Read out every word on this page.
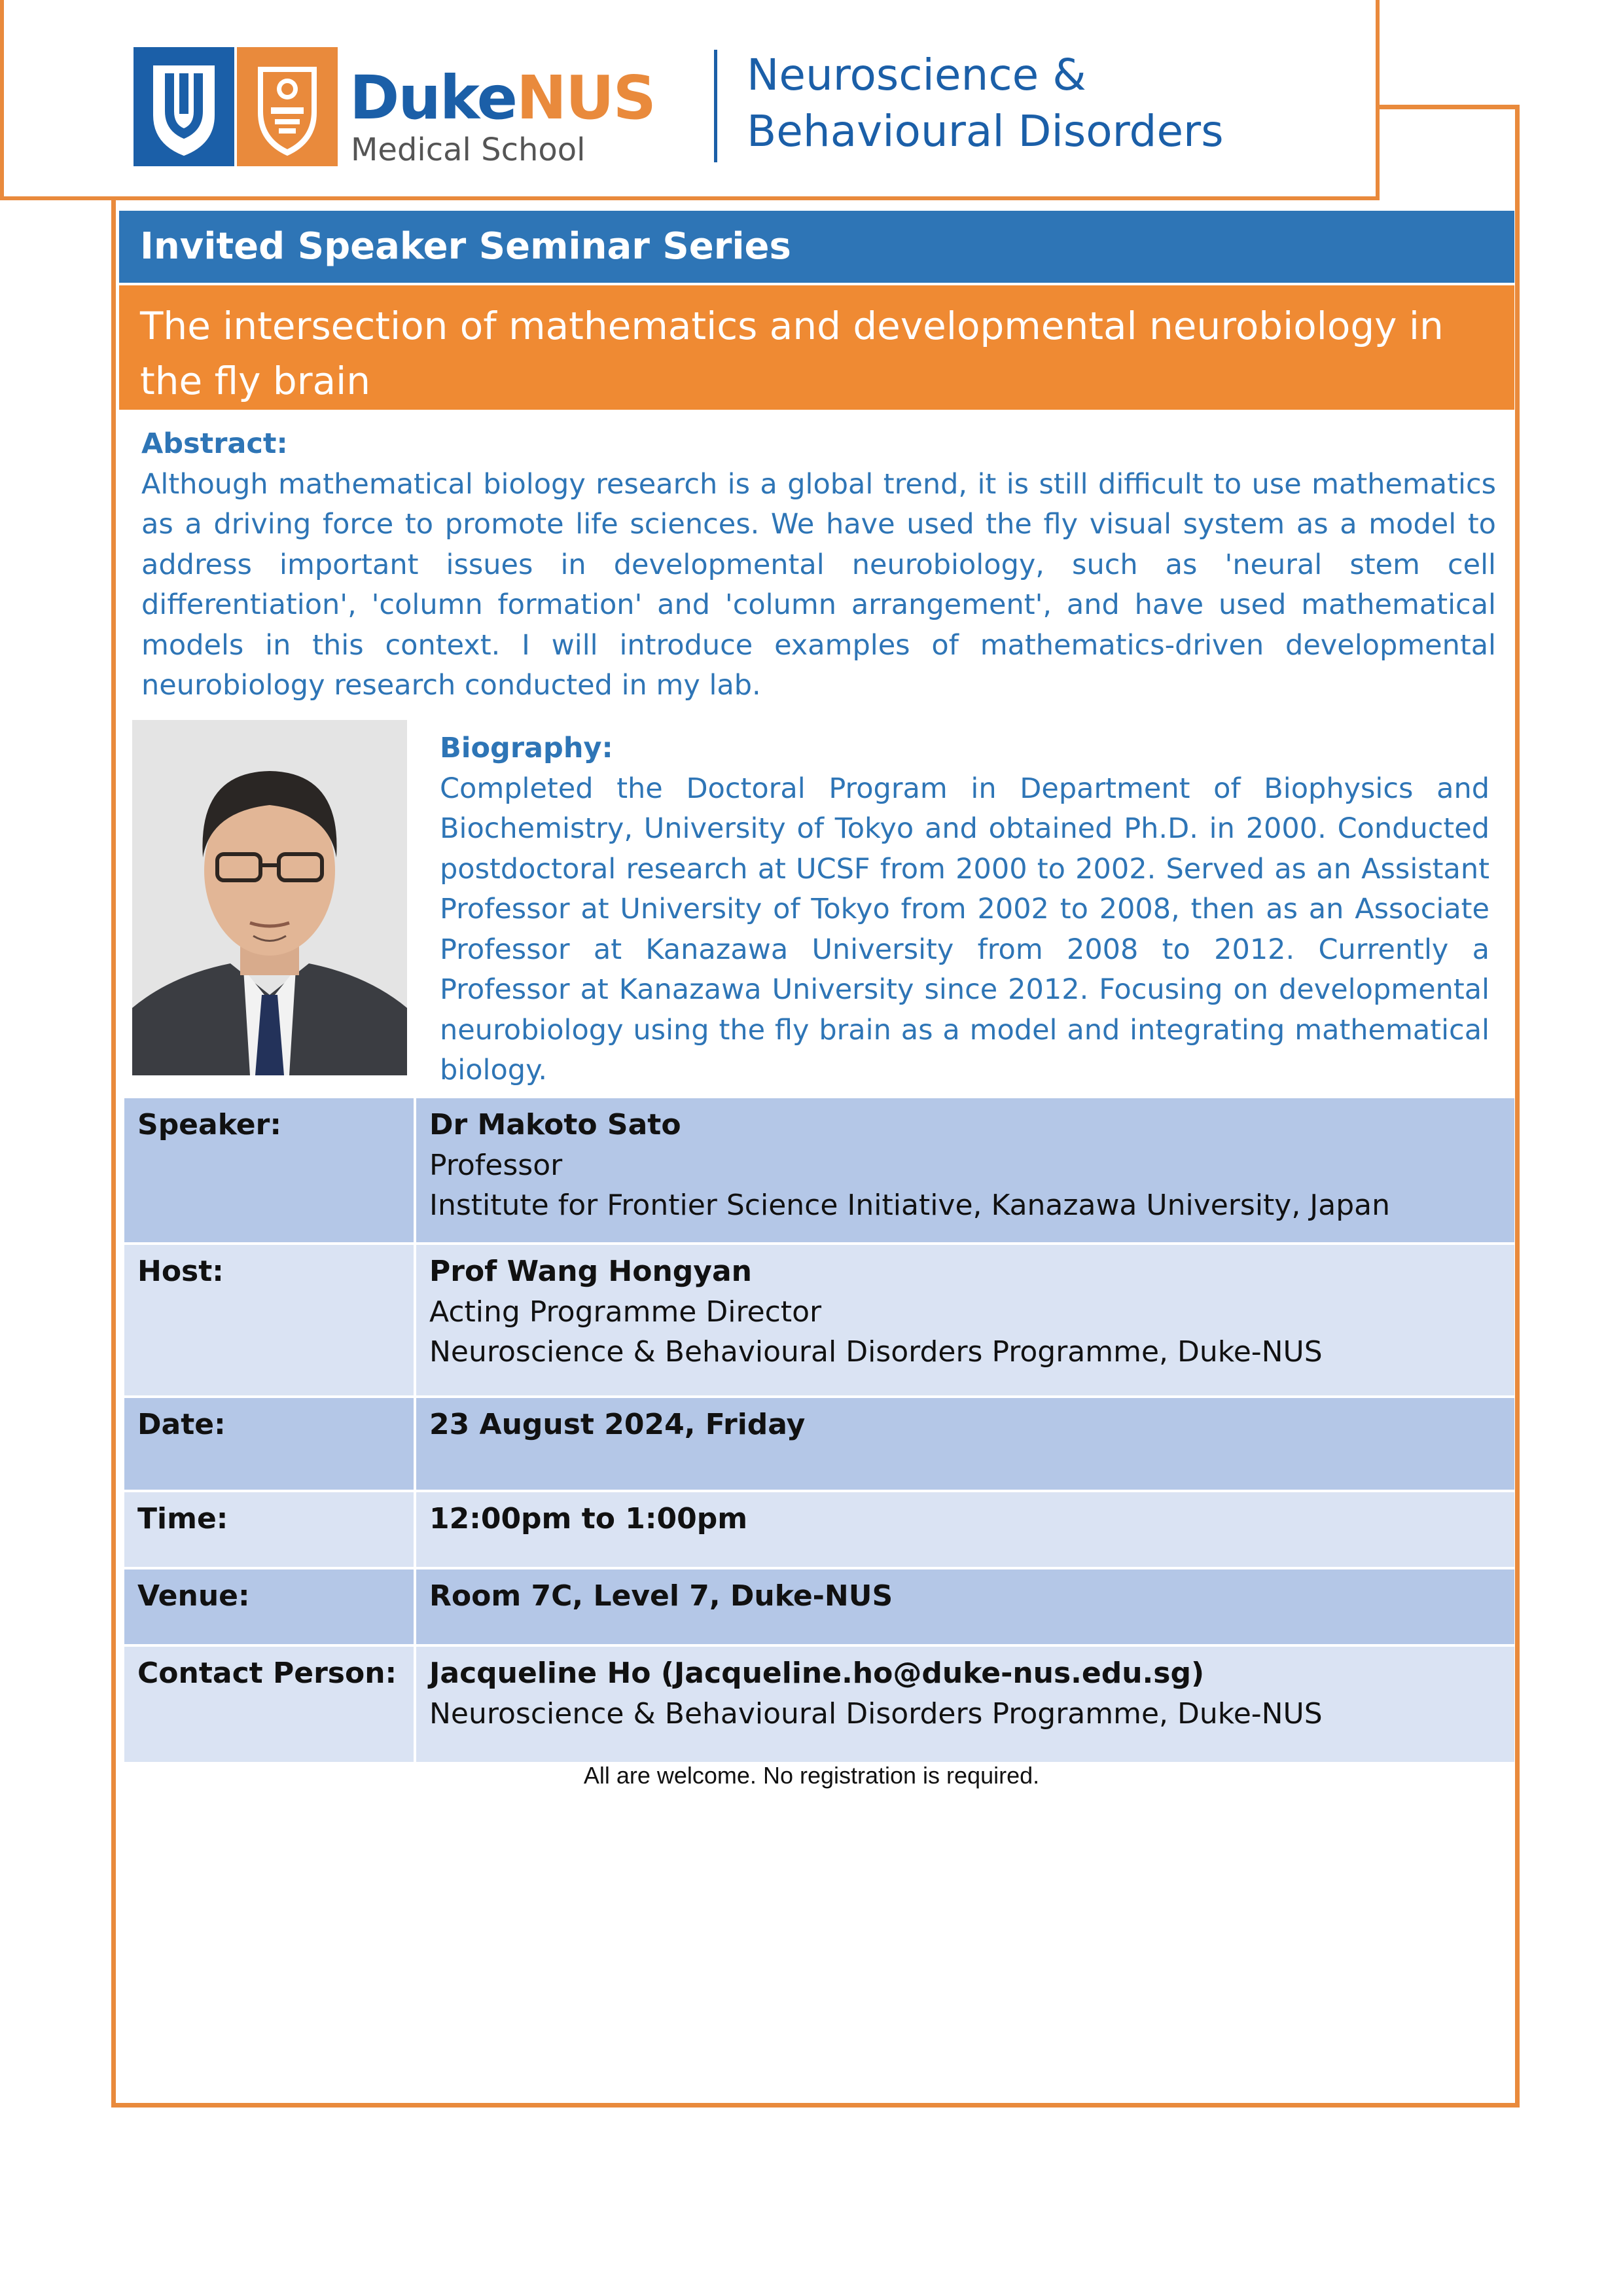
DukeNUS
Medical School
Neuroscience &
Behavioural Disorders
Invited Speaker Seminar Series
The intersection of mathematics and developmental neurobiology in the fly brain
Abstract:
Although mathematical biology research is a global trend, it is still difficult to use mathematics as a driving force to promote life sciences. We have used the fly visual system as a model to address important issues in developmental neurobiology, such as 'neural stem cell differentiation', 'column formation' and 'column arrangement', and have used mathematical models in this context. I will introduce examples of mathematics-driven developmental neurobiology research conducted in my lab.
Biography:
Completed the Doctoral Program in Department of Biophysics and Biochemistry, University of Tokyo and obtained Ph.D. in 2000. Conducted postdoctoral research at UCSF from 2000 to 2002. Served as an Assistant Professor at University of Tokyo from 2002 to 2008, then as an Associate Professor at Kanazawa University from 2008 to 2012. Currently a Professor at Kanazawa University since 2012. Focusing on developmental neurobiology using the fly brain as a model and integrating mathematical biology.
Speaker:	Dr Makoto Sato
Professor
Institute for Frontier Science Initiative, Kanazawa University, Japan

Host:	Prof Wang Hongyan
Acting Programme Director
Neuroscience & Behavioural Disorders Programme, Duke-NUS

Date:	23 August 2024, Friday

Time:	12:00pm to 1:00pm

Venue:	Room 7C, Level 7, Duke-NUS

Contact Person:	Jacqueline Ho (Jacqueline.ho@duke-nus.edu.sg)
Neuroscience & Behavioural Disorders Programme, Duke-NUS
All are welcome. No registration is required.
